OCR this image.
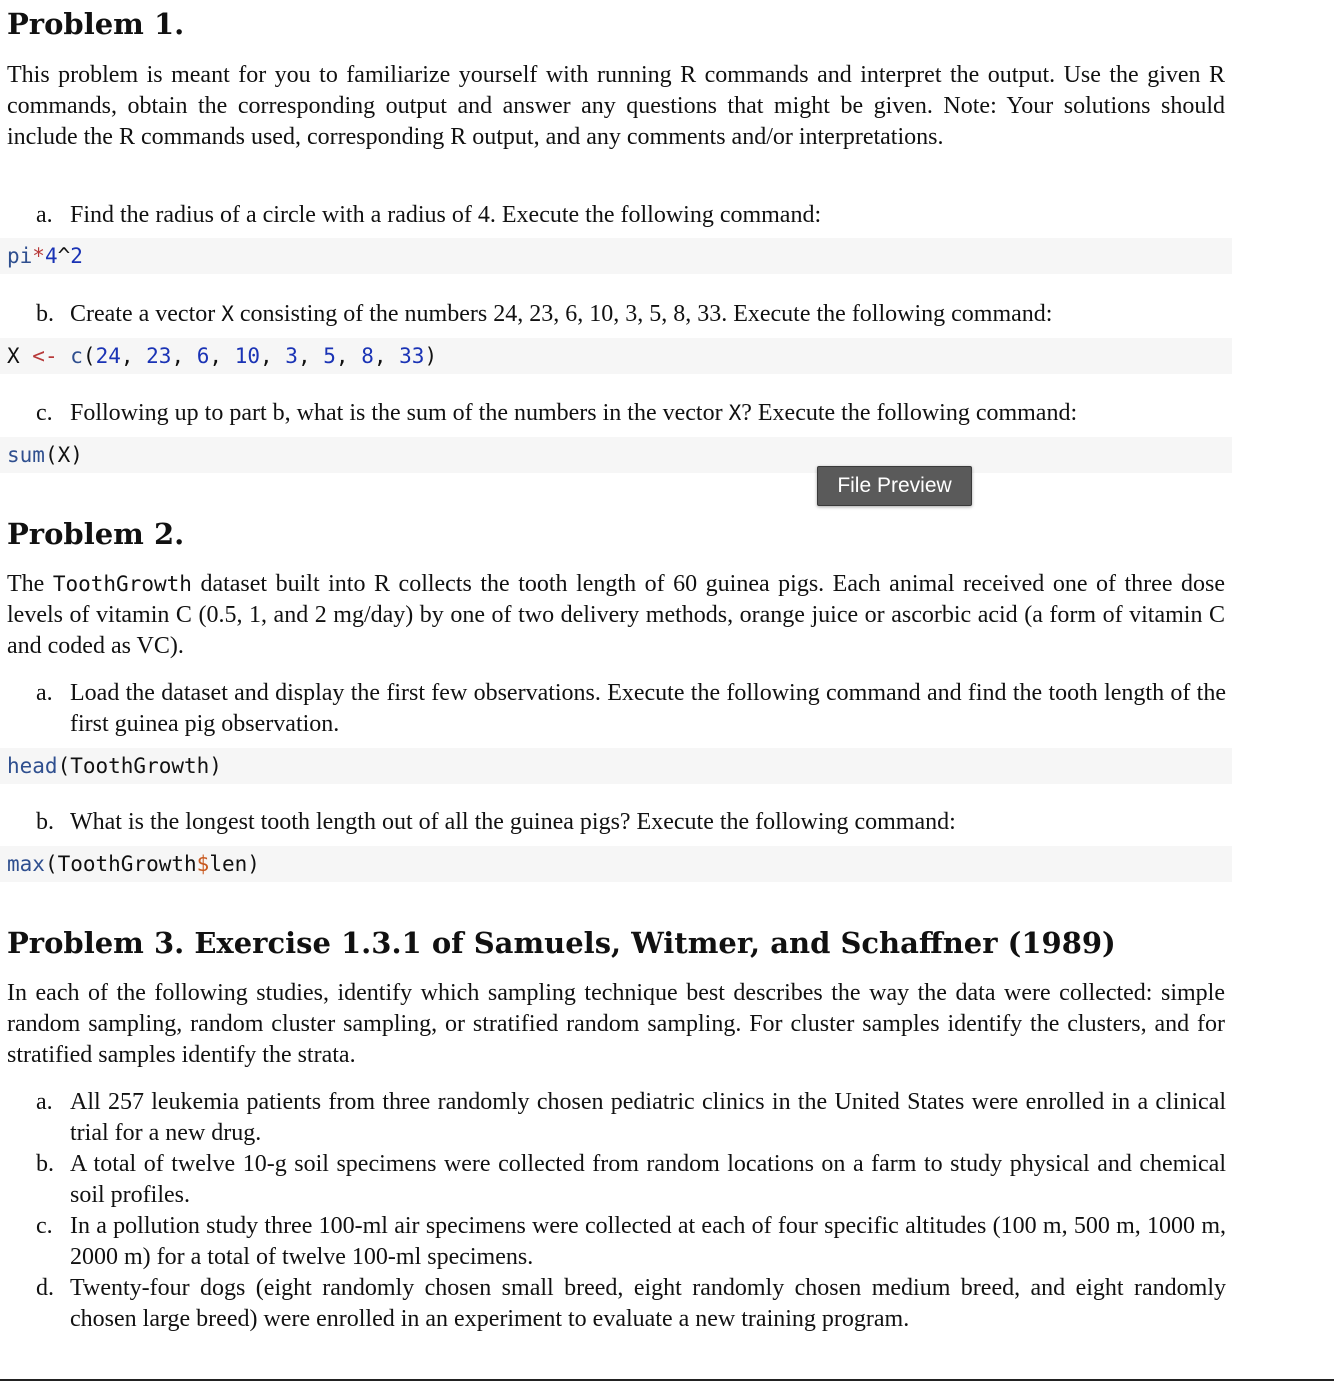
Problem 1.

This problem is meant for you to familiarize yourself with running R commands and interpret the output. Use the given R commands, obtain the corresponding output and answer any questions that might be given. Note: Your solutions should include the R commands used, corresponding R output, and any comments and/or interpretations.

a. Find the radius of a circle with a radius of 4. Execute the following command:
pi*4^2
b. Create a vector X consisting of the numbers 24, 23, 6, 10, 3, 5, 8, 33. Execute the following command:
X <- c(24, 23, 6, 10, 3, 5, 8, 33)
c. Following up to part b, what is the sum of the numbers in the vector X? Execute the following command:
sum(X)
Problem 2.

The ToothGrowth dataset built into R collects the tooth length of 60 guinea pigs. Each animal received one of three dose levels of vitamin C (0.5, 1, and 2 mg/day) by one of two delivery methods, orange juice or ascorbic acid (a form of vitamin C and coded as VC).

a. Load the dataset and display the first few observations. Execute the following command and find the tooth length of the first guinea pig observation.
head(ToothGrowth)
b. What is the longest tooth length out of all the guinea pigs? Execute the following command:
max(ToothGrowth$len)
Problem 3. Exercise 1.3.1 of Samuels, Witmer, and Schaffner (1989)

In each of the following studies, identify which sampling technique best describes the way the data were collected: simple random sampling, random cluster sampling, or stratified random sampling. For cluster samples identify the clusters, and for stratified samples identify the strata.

a. All 257 leukemia patients from three randomly chosen pediatric clinics in the United States were enrolled in a clinical trial for a new drug.
b. A total of twelve 10-g soil specimens were collected from random locations on a farm to study physical and chemical soil profiles.
c. In a pollution study three 100-ml air specimens were collected at each of four specific altitudes (100 m, 500 m, 1000 m, 2000 m) for a total of twelve 100-ml specimens.
d. Twenty-four dogs (eight randomly chosen small breed, eight randomly chosen medium breed, and eight randomly chosen large breed) were enrolled in an experiment to evaluate a new training program.
File Preview
